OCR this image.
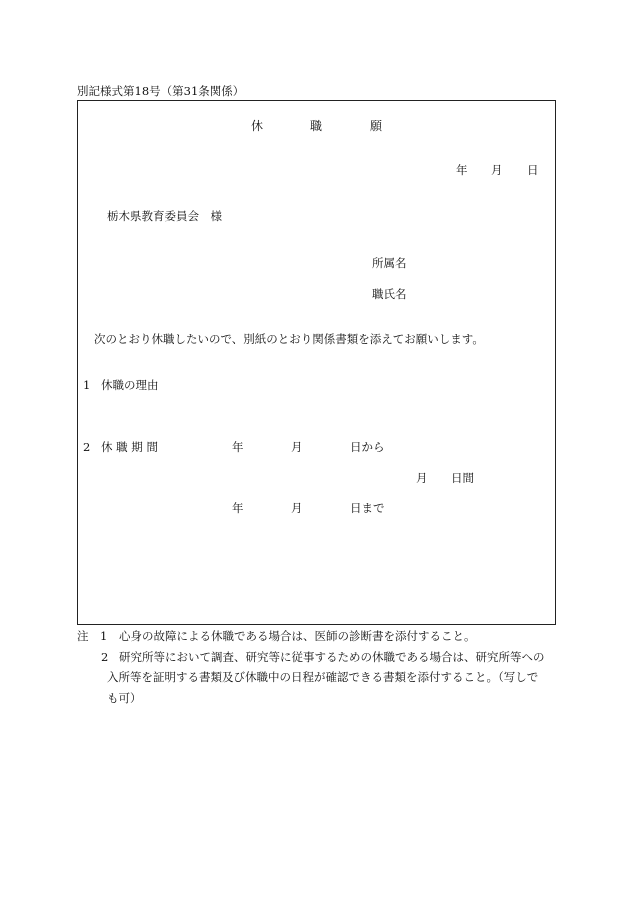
別記様式第18号（第31条関係）
休	職	願
年 月 日
栃木県教育委員会　様
所属名
職氏名
次のとおり休職したいので、別紙のとおり関係書類を添えてお願いします。
1 休職の理由
2 休 職 期 間	年	月	日から
月 日間
年	月	日まで
注 1 心身の故障による休職である場合は、医師の診断書を添付すること。
2 研究所等において調査、研究等に従事するための休職である場合は、研究所等への
入所等を証明する書類及び休職中の日程が確認できる書類を添付すること。（写しで
も可）
